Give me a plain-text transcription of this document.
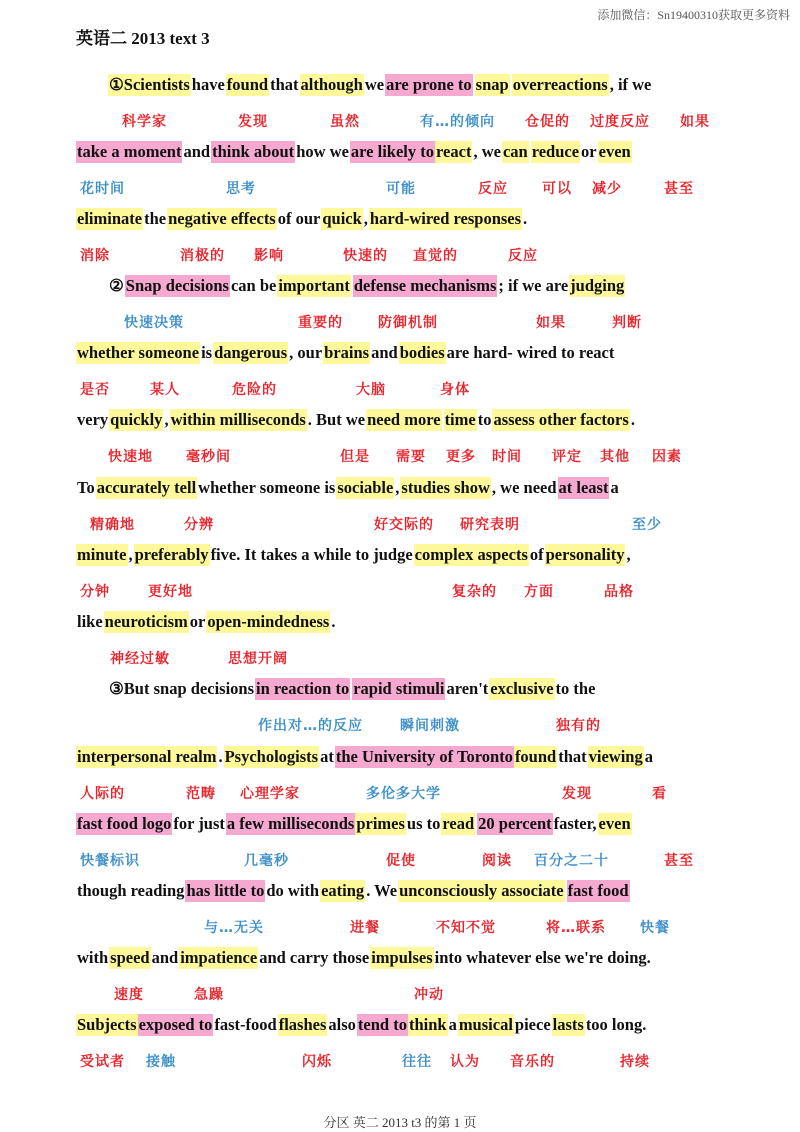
添加微信：Sn19400310获取更多资料
英语二 2013 text 3
①Scientistshavefoundthatalthoughweare prone to snap overreactions , if we
take a momentandthink abouthow weare likely to react , wecan reduceoreven
eliminatethenegative effectsof ourquick ,hard-wired responses .
② Snap decisionscan beimportant defense mechanisms ; if we arejudging
whether someoneisdangerous , ourbrainsandbodiesare hard- wired to react
veryquickly ,within milliseconds . But weneed more timetoassess other factors .
Toaccurately tellwhether someone issociable ,studies show , we needat leasta
minute ,preferablyfive. It takes a while to judgecomplex aspectsofpersonality ,
likeneuroticismoropen-mindedness .
③But snap decisionsin reaction to rapid stimuliaren'texclusiveto the
interpersonal realm .Psychologistsatthe University of Toronto foundthatviewinga
fast food logofor justa few milliseconds primesus toread 20 percentfaster,even
though readinghas little todo witheating . Weunconsciously associate fast food
withspeedandimpatienceand carry thoseimpulsesinto whatever else we're doing.
Subjects exposed tofast-foodflashesalsotend to thinkamusicalpiecelaststoo long.
科学家	发现	虽然	有…的倾向 仓促的 过度反应 如果
花时间	思考	可能	反应 可以 减少	甚至
消除	消极的 影响	快速的 直觉的	反应
快速决策	重要的	防御机制	如果	判断
是否	某人	危险的	大脑	身体
快速地 毫秒间	但是 需要 更多 时间 评定 其他 因素
精确地	分辨	好交际的 研究表明	至少
分钟	更好地	复杂的 方面	品格
神经过敏	思想开阔
作出对…的反应	瞬间刺激	独有的
人际的	范畴 心理学家	多伦多大学	发现	看
快餐标识	几毫秒	促使	阅读 百分之二十	甚至
与…无关	进餐	不知不觉	将…联系 快餐
速度	急躁	冲动
受试者 接触	闪烁	往往 认为 音乐的	持续
分区 英二 2013 t3 的第 1 页
